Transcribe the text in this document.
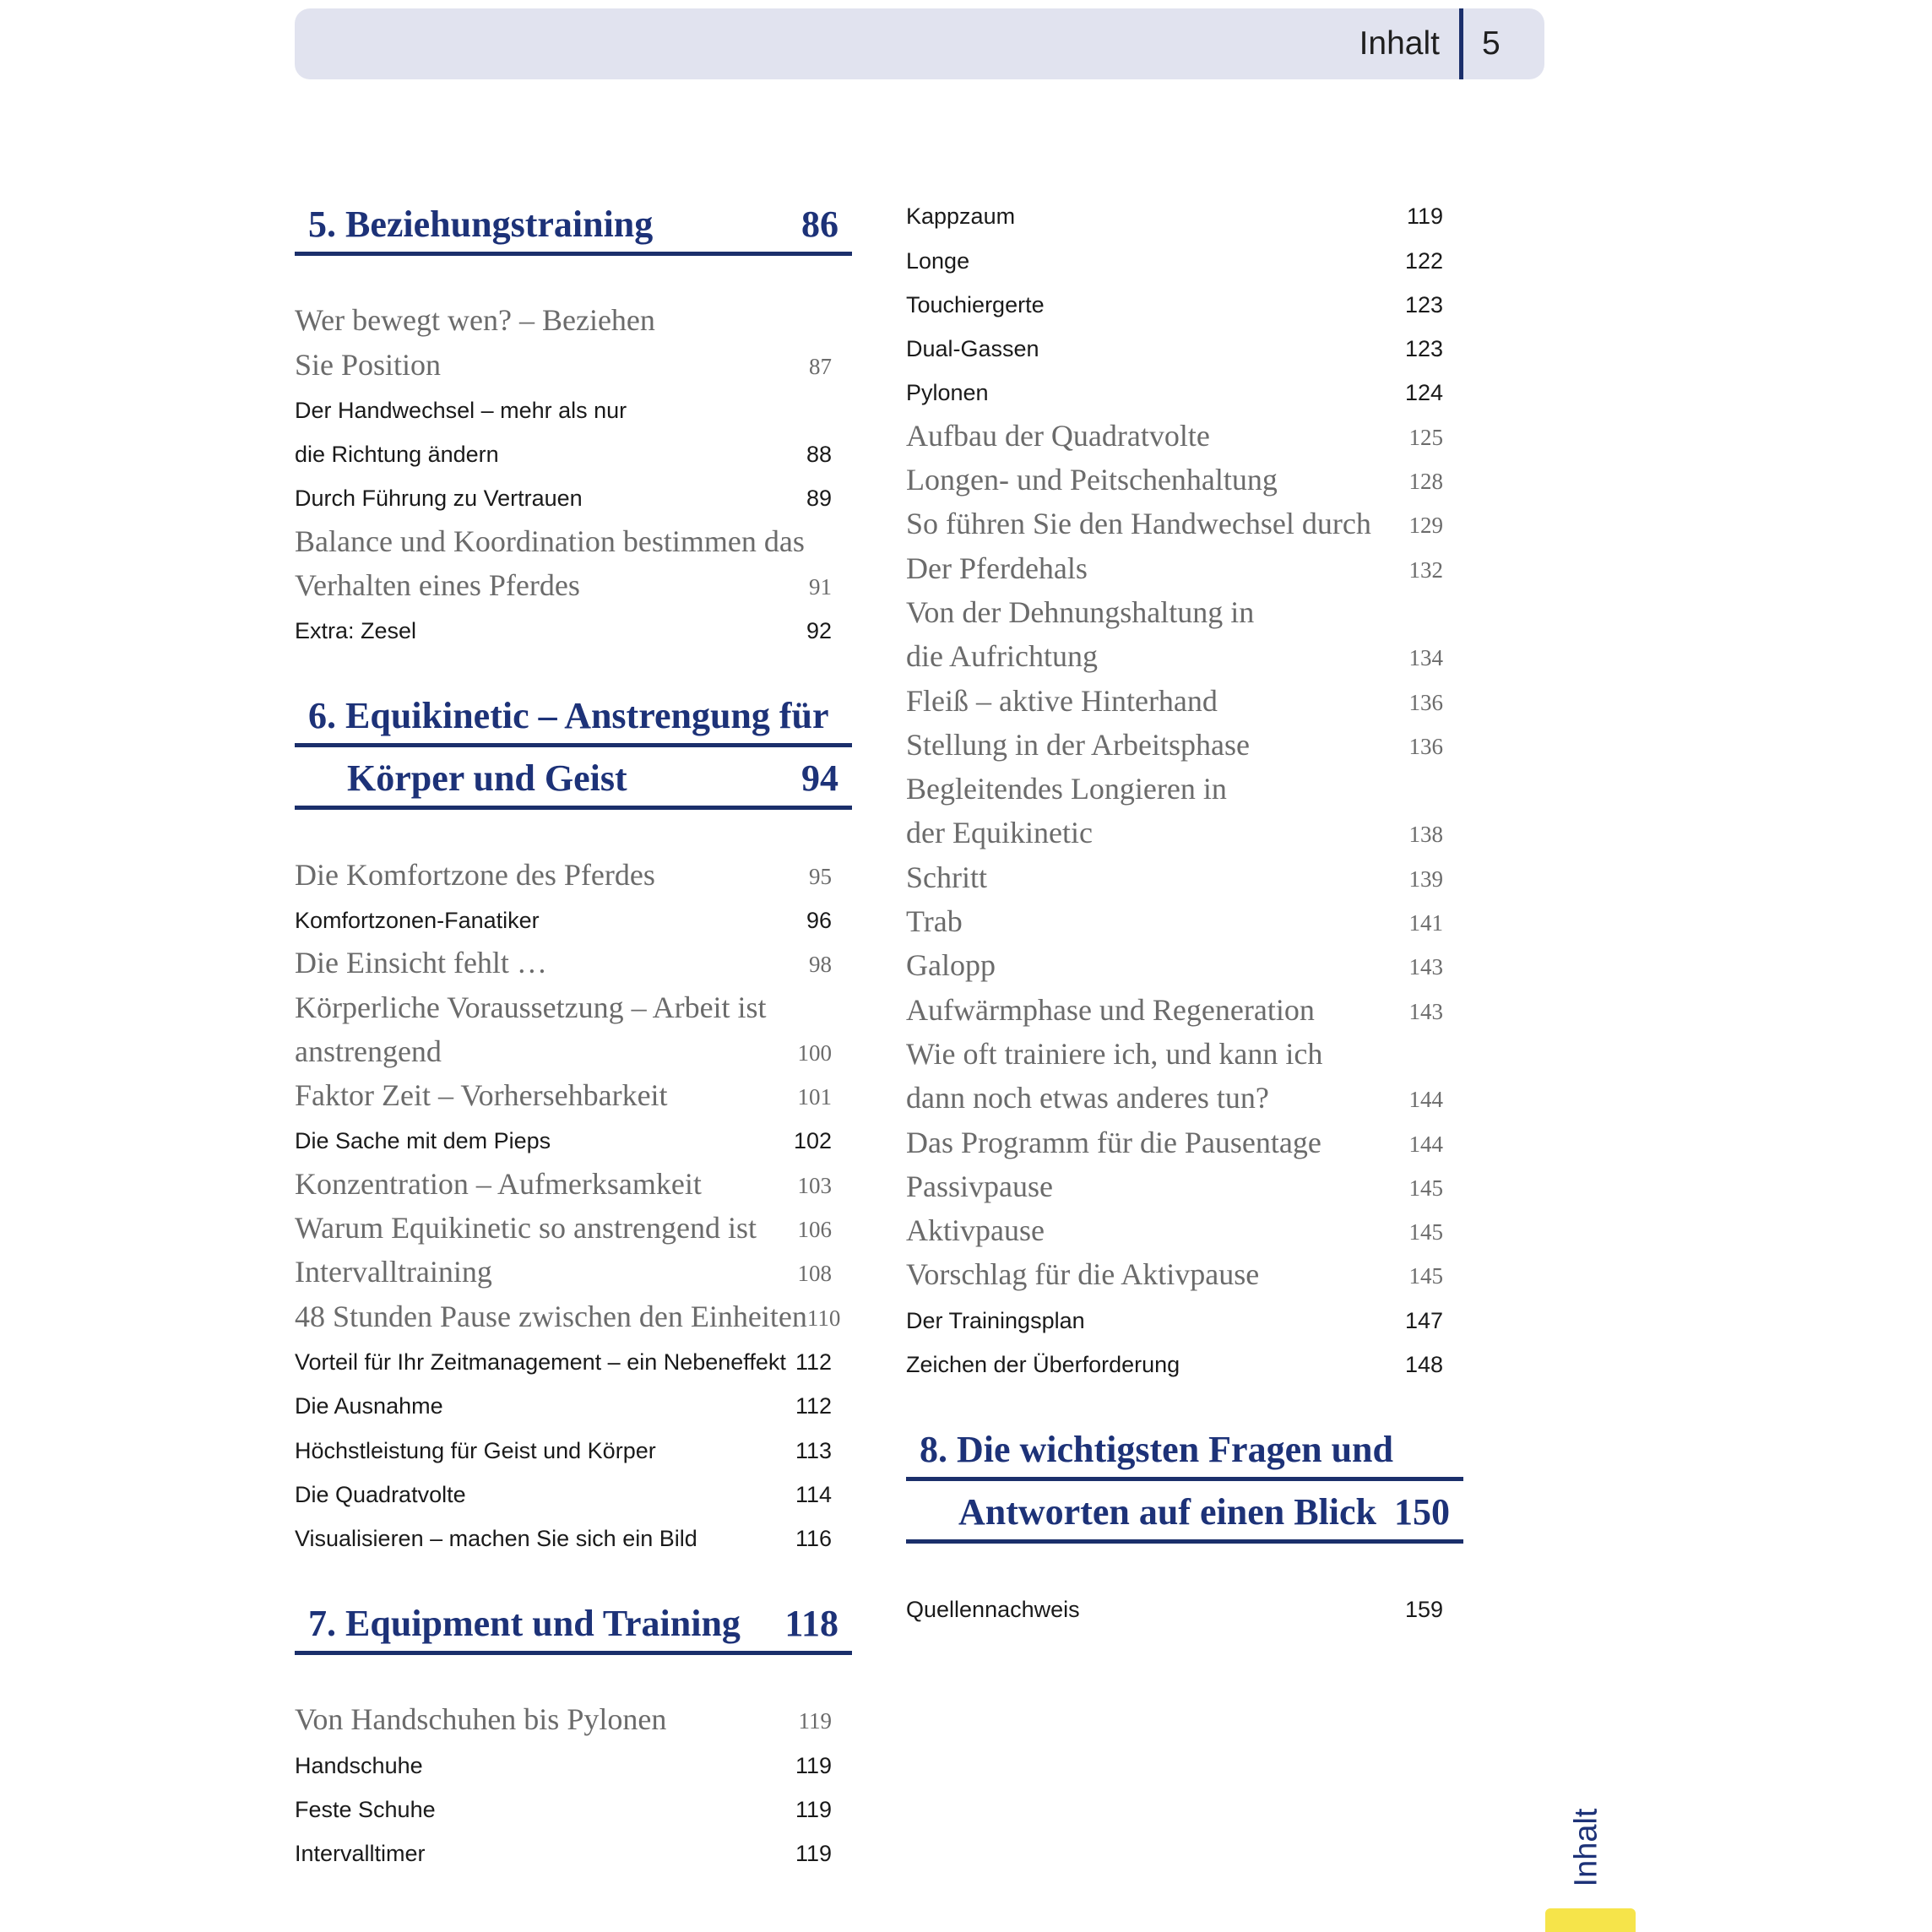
Inhalt 5
5. Beziehungstraining	86
Wer bewegt wen? – Beziehen
Sie Position	87
Der Handwechsel – mehr als nur
die Richtung ändern	88
Durch Führung zu Vertrauen	89
Balance und Koordination bestimmen das
Verhalten eines Pferdes	91
Extra: Zesel	92
6. Equikinetic – Anstrengung für
Körper und Geist	94
Die Komfortzone des Pferdes	95
Komfortzonen-Fanatiker	96
Die Einsicht fehlt …	98
Körperliche Voraussetzung – Arbeit ist
anstrengend	100
Faktor Zeit – Vorhersehbarkeit	101
Die Sache mit dem Pieps	102
Konzentration – Aufmerksamkeit	103
Warum Equikinetic so anstrengend ist 106
Intervalltraining	108
48 Stunden Pause zwischen den Einheiten 110
Vorteil für Ihr Zeitmanagement – ein Nebeneffekt 112
Die Ausnahme	112
Höchstleistung für Geist und Körper	113
Die Quadratvolte	114
Visualisieren – machen Sie sich ein Bild	116
7. Equipment und Training 118
Von Handschuhen bis Pylonen	119
Handschuhe	119
Feste Schuhe	119
Intervalltimer	119
Kappzaum	119
Longe	122
Touchiergerte	123
Dual-Gassen	123
Pylonen	124
Aufbau der Quadratvolte	125
Longen- und Peitschenhaltung	128
So führen Sie den Handwechsel durch 129
Der Pferdehals	132
Von der Dehnungshaltung in
die Aufrichtung	134
Fleiß – aktive Hinterhand	136
Stellung in der Arbeitsphase	136
Begleitendes Longieren in
der Equikinetic	138
Schritt	139
Trab	141
Galopp	143
Aufwärmphase und Regeneration	143
Wie oft trainiere ich, und kann ich
dann noch etwas anderes tun?	144
Das Programm für die Pausentage	144
Passivpause	145
Aktivpause	145
Vorschlag für die Aktivpause	145
Der Trainingsplan	147
Zeichen der Überforderung	148
8. Die wichtigsten Fragen und
Antworten auf einen Blick 150
Quellennachweis	159
Inhalt
